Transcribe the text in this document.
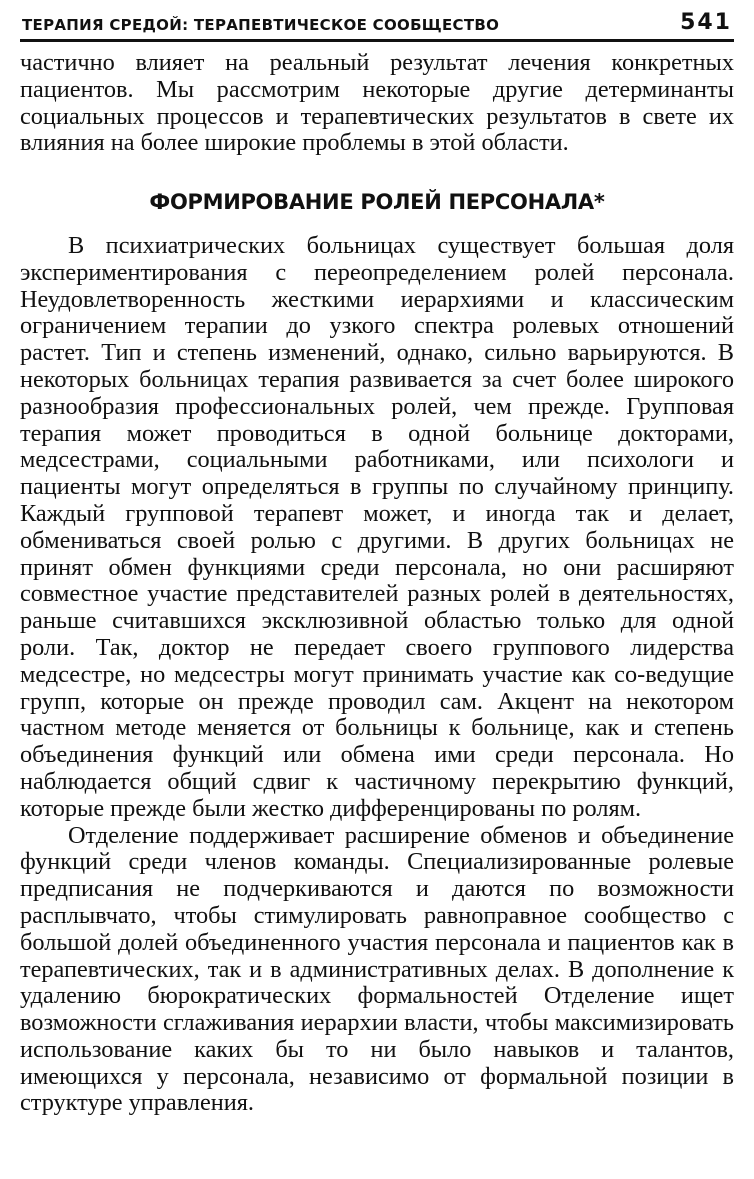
ТЕРАПИЯ СРЕДОЙ: ТЕРАПЕВТИЧЕСКОЕ СООБЩЕСТВО	541

частично влияет на реальный результат лечения конкретных пациентов. Мы рассмотрим некоторые другие детерминанты социальных процессов и терапевтических результатов в свете их влияния на более широкие проблемы в этой области.

ФОРМИРОВАНИЕ РОЛЕЙ ПЕРСОНАЛА*

В психиатрических больницах существует большая доля экспериментирования с переопределением ролей персонала. Неудовлетворенность жесткими иерархиями и классическим ограничением терапии до узкого спектра ролевых отношений растет. Тип и степень изменений, однако, сильно варьируются. В некоторых больницах терапия развивается за счет более широкого разнообразия профессиональных ролей, чем прежде. Групповая терапия может проводиться в одной больнице докторами, медсестрами, социальными работниками, или психологи и пациенты могут определяться в группы по случайному принципу. Каждый групповой терапевт может, и иногда так и делает, обмениваться своей ролью с другими. В других больницах не принят обмен функциями среди персонала, но они расширяют совместное участие представителей разных ролей в деятельностях, раньше считавшихся эксклюзивной областью только для одной роли. Так, доктор не передает своего группового лидерства медсестре, но медсестры могут принимать участие как со-ведущие групп, которые он прежде проводил сам. Акцент на некотором частном методе меняется от больницы к больнице, как и степень объединения функций или обмена ими среди персонала. Но наблюдается общий сдвиг к частичному перекрытию функций, которые прежде были жестко дифференцированы по ролям.

Отделение поддерживает расширение обменов и объединение функций среди членов команды. Специализированные ролевые предписания не подчеркиваются и даются по возможности расплывчато, чтобы стимулировать равноправное сообщество с большой долей объединенного участия персонала и пациентов как в терапевтических, так и в административных делах. В дополнение к удалению бюрократических формальностей Отделение ищет возможности сглаживания иерархии власти, чтобы максимизировать использование каких бы то ни было навыков и талантов, имеющихся у персонала, независимо от формальной позиции в структуре управления.
